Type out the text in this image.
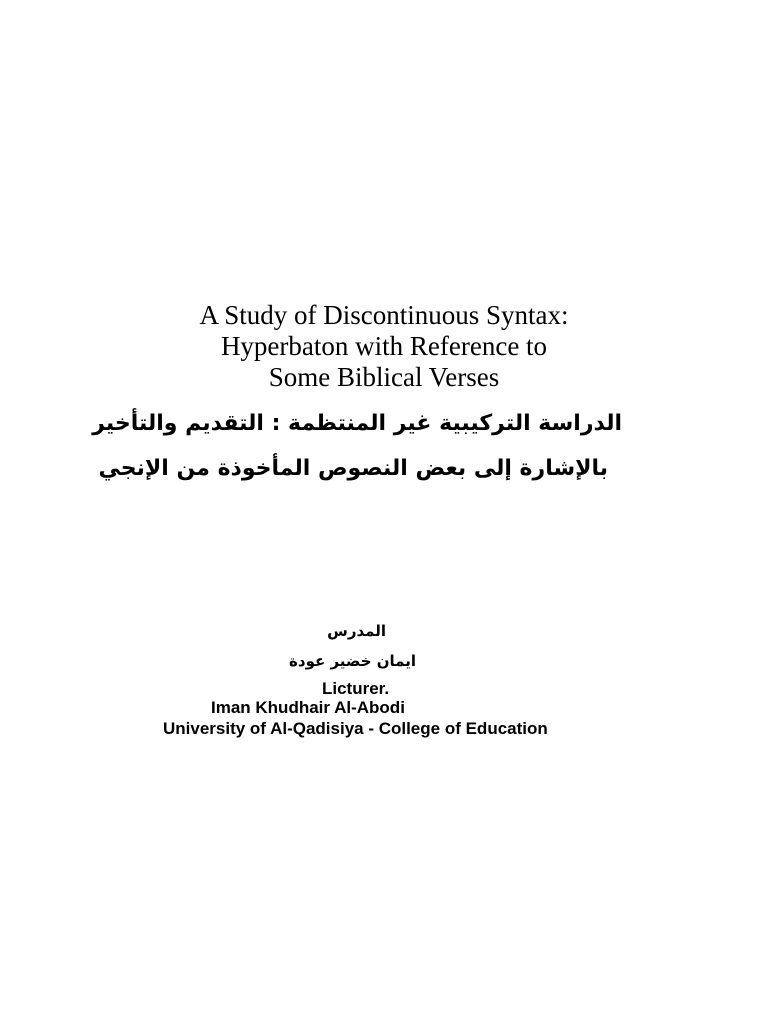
A Study of Discontinuous Syntax:
Hyperbaton with Reference to
Some Biblical Verses
الدراسة التركيبية غير المنتظمة : التقديم والتأخير
بالإشارة إلى بعض النصوص المأخوذة من الإنجي
المدرس
ايمان خضير عودة
Licturer.
Iman Khudhair Al-Abodi
University of Al-Qadisiya - College of Education
